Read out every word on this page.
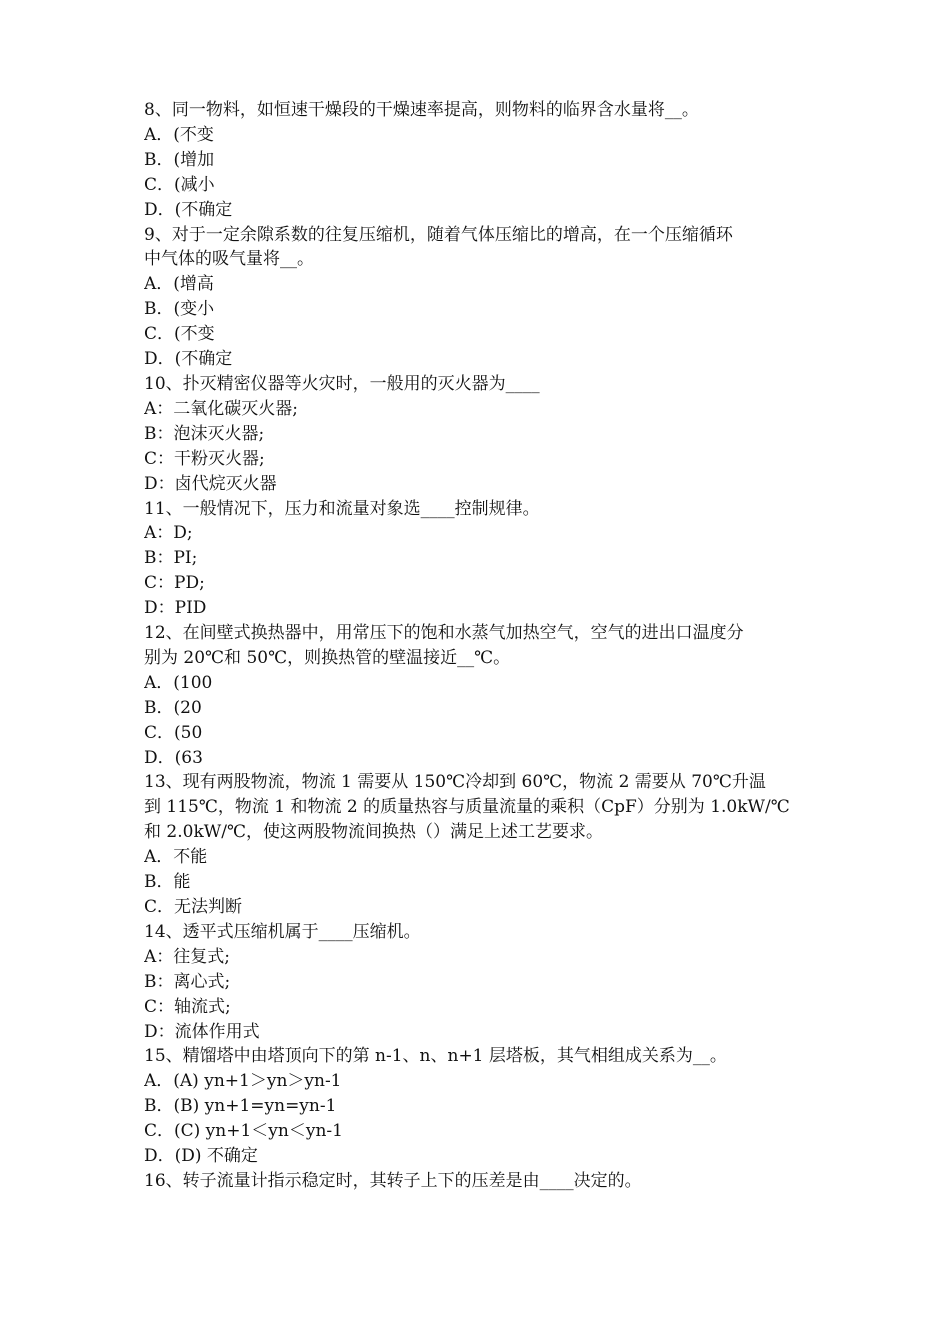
8、同一物料，如恒速干燥段的干燥速率提高，则物料的临界含水量将__。
A．(不变
B．(增加
C．(减小
D．(不确定
9、对于一定余隙系数的往复压缩机，随着气体压缩比的增高，在一个压缩循环
中气体的吸气量将__。
A．(增高
B．(变小
C．(不变
D．(不确定
10、扑灭精密仪器等火灾时，一般用的灭火器为____
A：二氧化碳灭火器;
B：泡沫灭火器;
C：干粉灭火器;
D：卤代烷灭火器
11、一般情况下，压力和流量对象选____控制规律。
A：D;
B：PI;
C：PD;
D：PID
12、在间壁式换热器中，用常压下的饱和水蒸气加热空气，空气的进出口温度分
别为 20℃和 50℃，则换热管的壁温接近__℃。
A．(100
B．(20
C．(50
D．(63
13、现有两股物流，物流 1 需要从 150℃冷却到 60℃，物流 2 需要从 70℃升温
到 115℃，物流 1 和物流 2 的质量热容与质量流量的乘积（CpF）分别为 1.0kW/℃
和 2.0kW/℃，使这两股物流间换热（）满足上述工艺要求。
A．不能
B．能
C．无法判断
14、透平式压缩机属于____压缩机。
A：往复式;
B：离心式;
C：轴流式;
D：流体作用式
15、精馏塔中由塔顶向下的第 n-1、n、n+1 层塔板，其气相组成关系为__。
A．(A) yn+1＞yn＞yn-1
B．(B) yn+1=yn=yn-1
C．(C) yn+1＜yn＜yn-1
D．(D) 不确定
16、转子流量计指示稳定时，其转子上下的压差是由____决定的。
